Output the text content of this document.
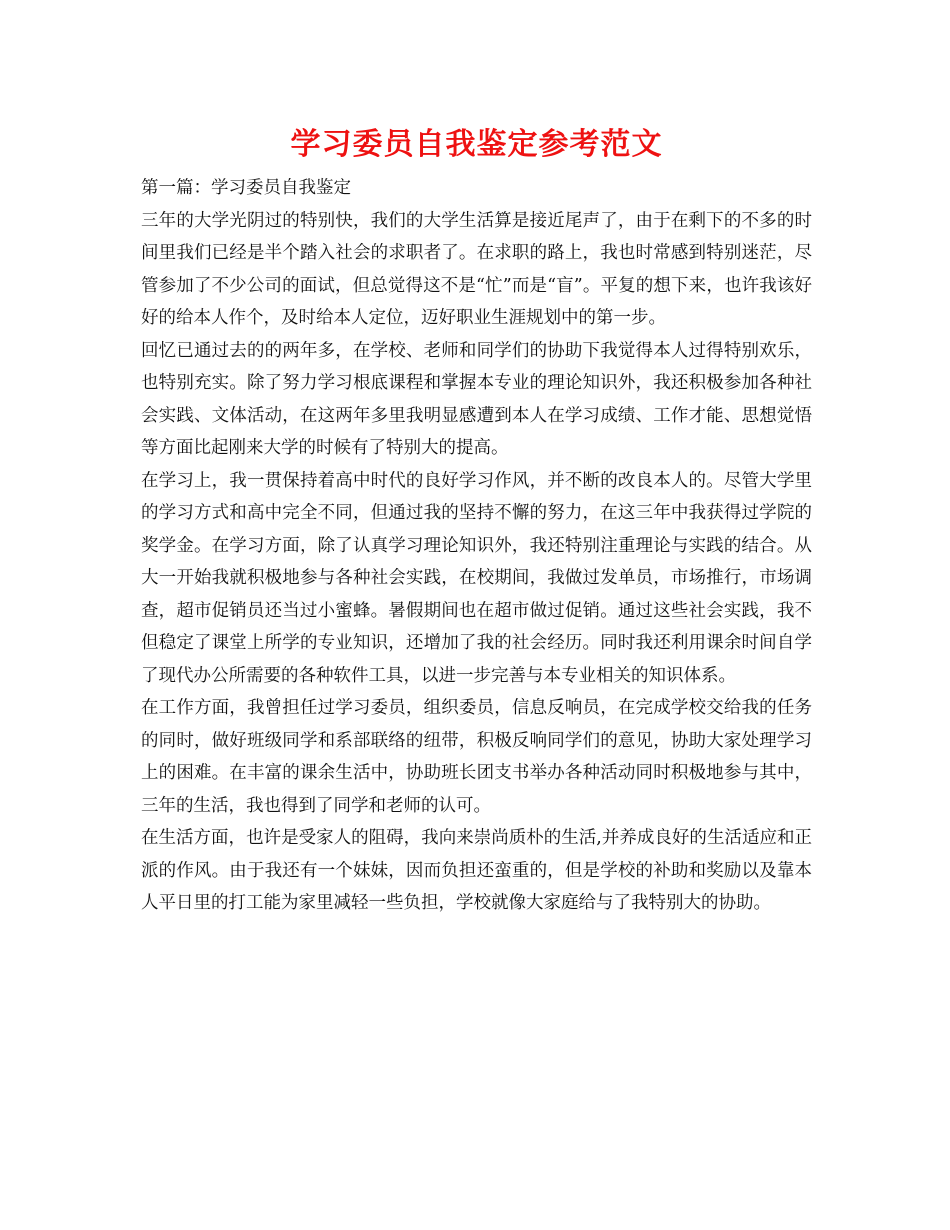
学习委员自我鉴定参考范文

第一篇：学习委员自我鉴定

三年的大学光阴过的特别快，我们的大学生活算是接近尾声了，由于在剩下的不多的时间里我们已经是半个踏入社会的求职者了。在求职的路上，我也时常感到特别迷茫，尽管参加了不少公司的面试，但总觉得这不是“忙”而是“盲”。平复的想下来，也许我该好好的给本人作个，及时给本人定位，迈好职业生涯规划中的第一步。

回忆已通过去的的两年多，在学校、老师和同学们的协助下我觉得本人过得特别欢乐，也特别充实。除了努力学习根底课程和掌握本专业的理论知识外，我还积极参加各种社会实践、文体活动，在这两年多里我明显感遭到本人在学习成绩、工作才能、思想觉悟等方面比起刚来大学的时候有了特别大的提高。

在学习上，我一贯保持着高中时代的良好学习作风，并不断的改良本人的。尽管大学里的学习方式和高中完全不同，但通过我的坚持不懈的努力，在这三年中我获得过学院的奖学金。在学习方面，除了认真学习理论知识外，我还特别注重理论与实践的结合。从大一开始我就积极地参与各种社会实践，在校期间，我做过发单员，市场推行，市场调查，超市促销员还当过小蜜蜂。暑假期间也在超市做过促销。通过这些社会实践，我不但稳定了课堂上所学的专业知识，还增加了我的社会经历。同时我还利用课余时间自学了现代办公所需要的各种软件工具，以进一步完善与本专业相关的知识体系。

在工作方面，我曾担任过学习委员，组织委员，信息反响员，在完成学校交给我的任务的同时，做好班级同学和系部联络的纽带，积极反响同学们的意见，协助大家处理学习上的困难。在丰富的课余生活中，协助班长团支书举办各种活动同时积极地参与其中，三年的生活，我也得到了同学和老师的认可。

在生活方面，也许是受家人的阻碍，我向来崇尚质朴的生活,并养成良好的生活适应和正派的作风。由于我还有一个妹妹，因而负担还蛮重的，但是学校的补助和奖励以及靠本人平日里的打工能为家里减轻一些负担，学校就像大家庭给与了我特别大的协助。
